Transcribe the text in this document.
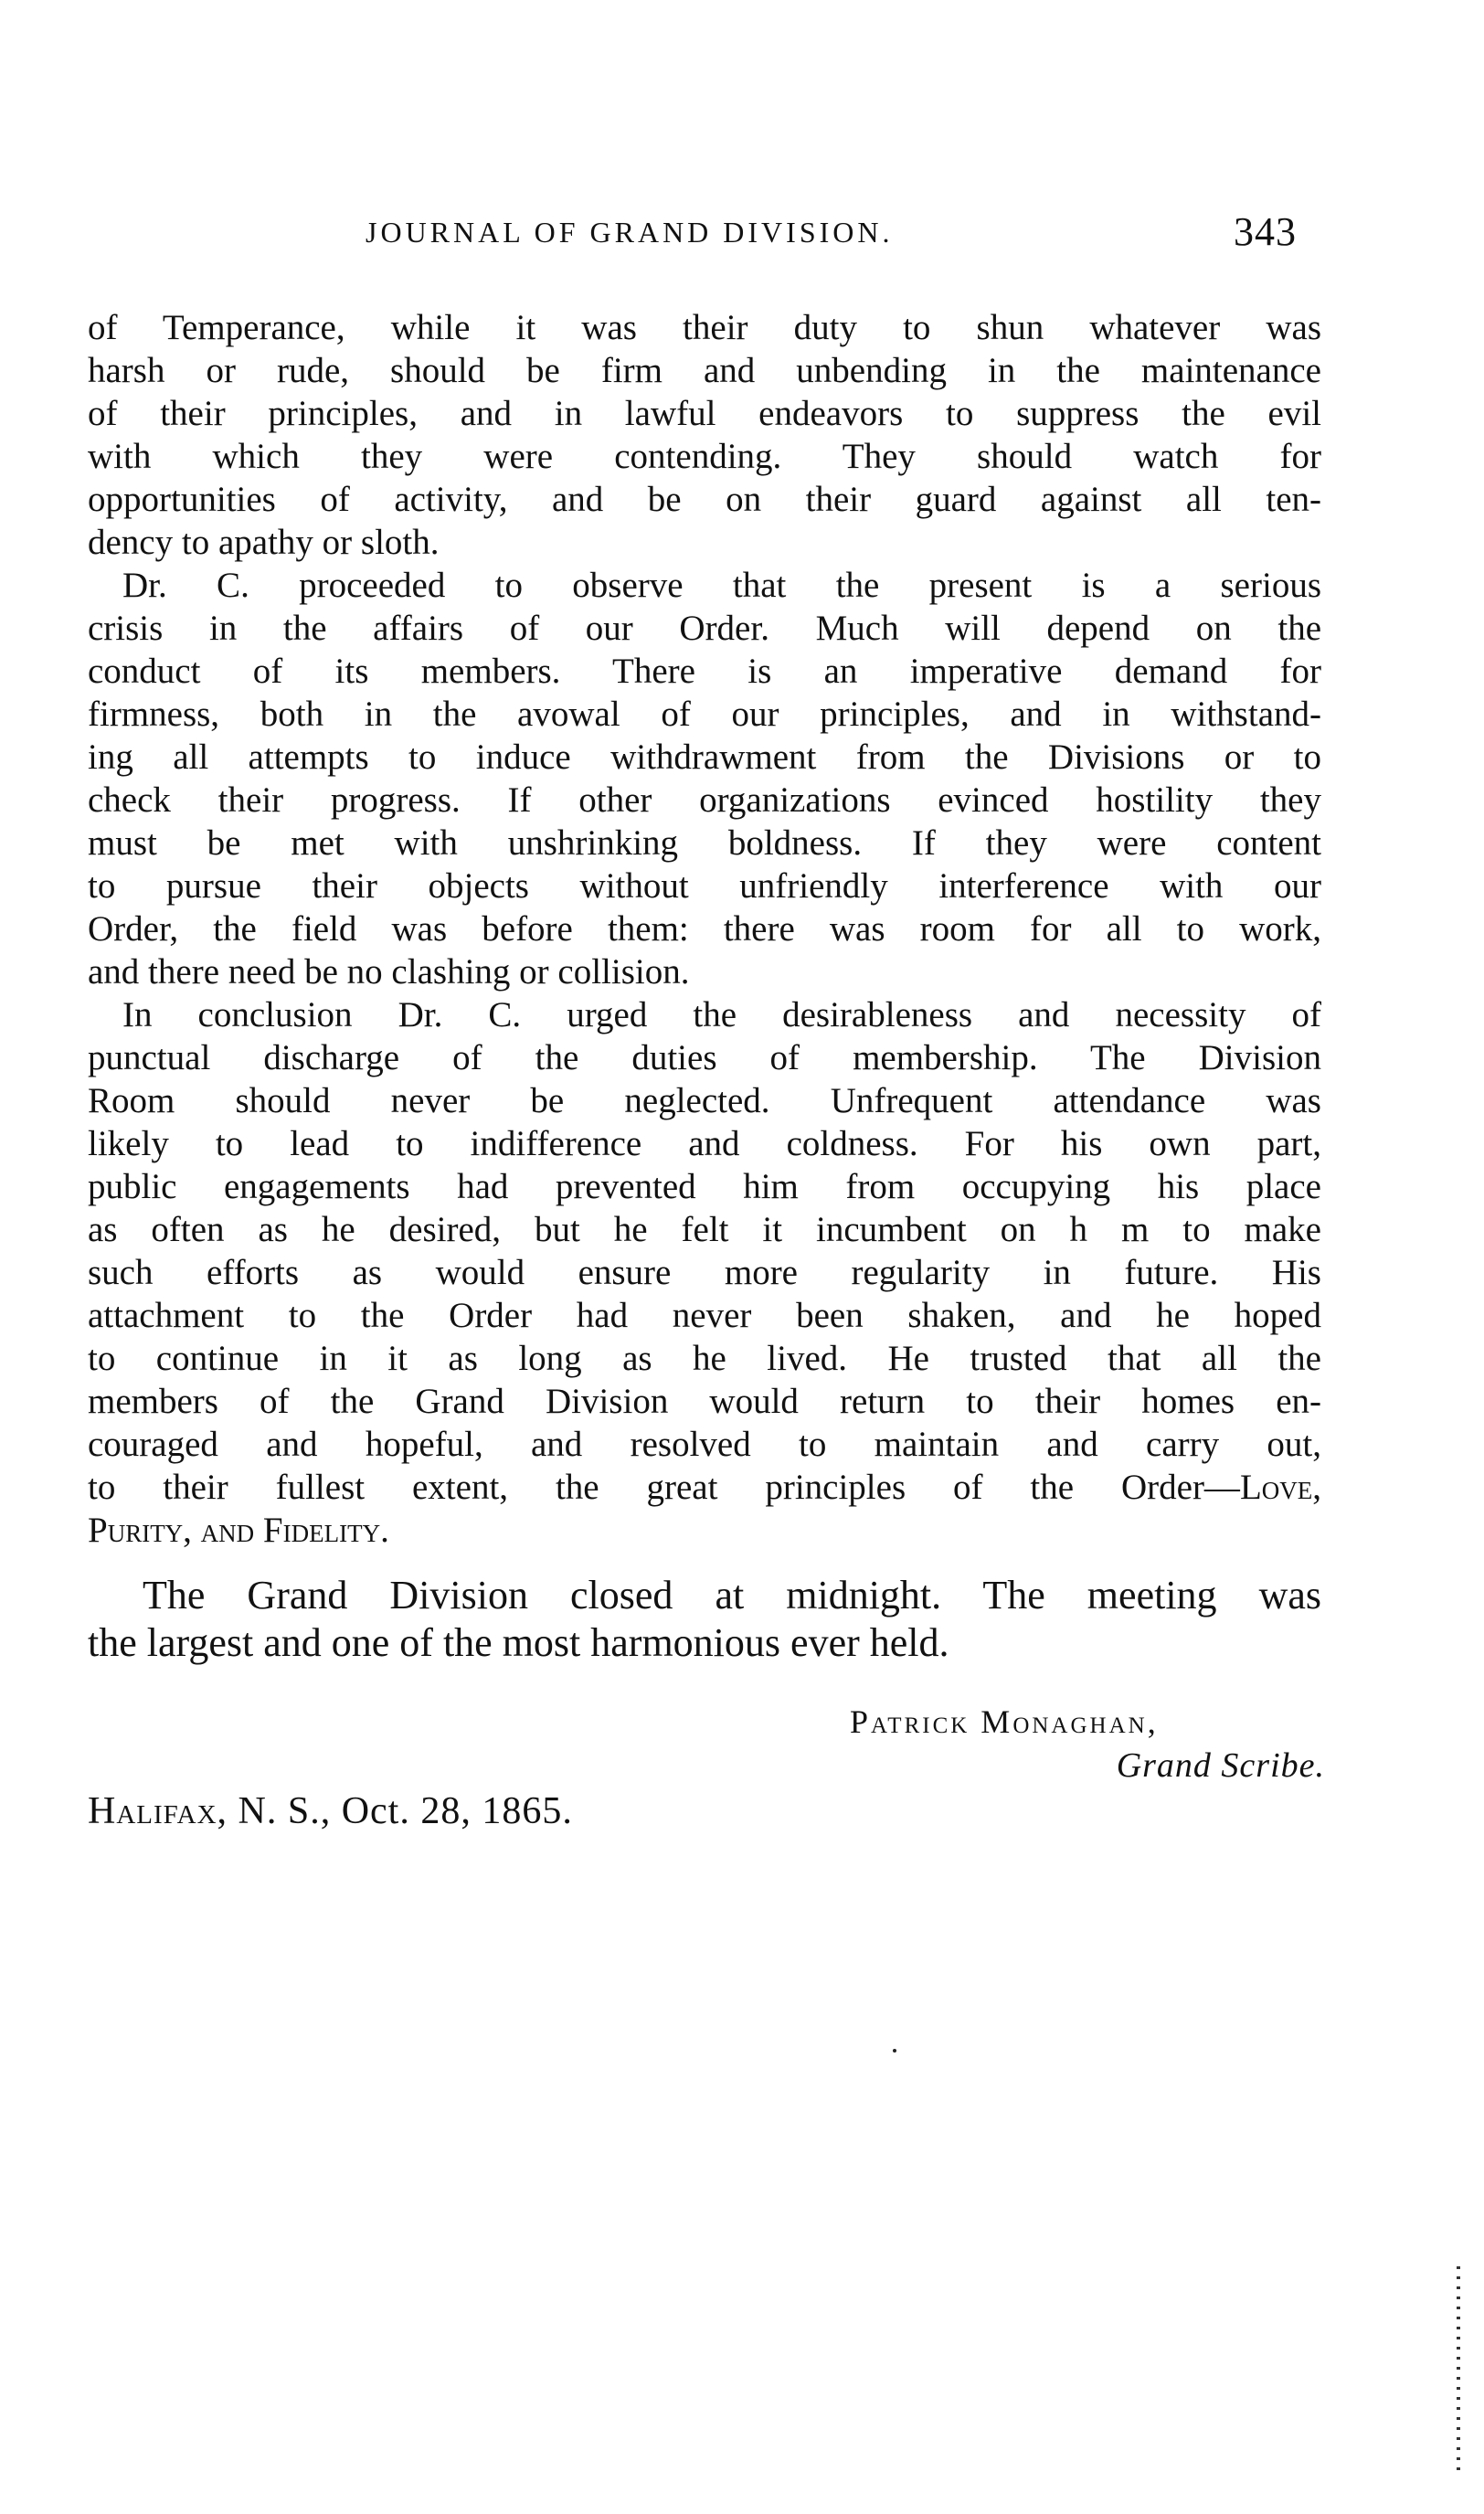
JOURNAL OF GRAND DIVISION.	343

of Temperance, while it was their duty to shun whatever was
harsh or rude, should be firm and unbending in the maintenance
of their principles, and in lawful endeavors to suppress the evil
with which they were contending. They should watch for
opportunities of activity, and be on their guard against all ten-
dency to apathy or sloth.

Dr. C. proceeded to observe that the present is a serious
crisis in the affairs of our Order. Much will depend on the
conduct of its members. There is an imperative demand for
firmness, both in the avowal of our principles, and in withstand-
ing all attempts to induce withdrawment from the Divisions or to
check their progress. If other organizations evinced hostility they
must be met with unshrinking boldness. If they were content
to pursue their objects without unfriendly interference with our
Order, the field was before them: there was room for all to work,
and there need be no clashing or collision.

In conclusion Dr. C. urged the desirableness and necessity of
punctual discharge of the duties of membership. The Division
Room should never be neglected. Unfrequent attendance was
likely to lead to indifference and coldness. For his own part,
public engagements had prevented him from occupying his place
as often as he desired, but he felt it incumbent on h m to make
such efforts as would ensure more regularity in future. His
attachment to the Order had never been shaken, and he hoped
to continue in it as long as he lived. He trusted that all the
members of the Grand Division would return to their homes en-
couraged and hopeful, and resolved to maintain and carry out,
to their fullest extent, the great principles of the Order—Love,
Purity, and Fidelity.

The Grand Division closed at midnight. The meeting was
the largest and one of the most harmonious ever held.
Patrick Monaghan,
Grand Scribe.
Halifax, N. S., Oct. 28, 1865.
